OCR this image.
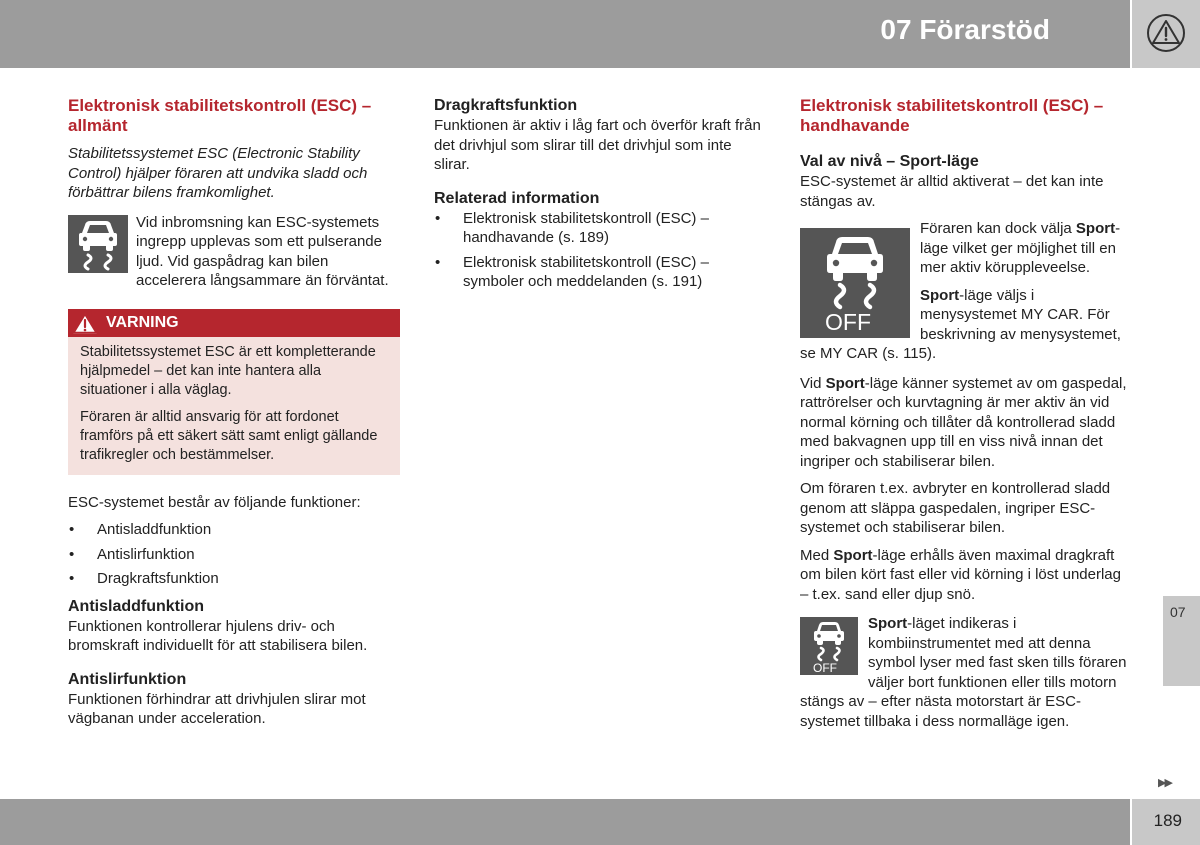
07 Förarstöd
Elektronisk stabilitetskontroll (ESC) – allmänt

Stabilitetssystemet ESC (Electronic Stability Control) hjälper föraren att undvika sladd och förbättrar bilens framkomlighet.

Vid inbromsning kan ESC-systemets ingrepp upplevas som ett pulserande ljud. Vid gaspådrag kan bilen accelerera långsammare än förväntat.

VARNING

Stabilitetssystemet ESC är ett kompletterande hjälpmedel – det kan inte hantera alla situationer i alla väglag.

Föraren är alltid ansvarig för att fordonet framförs på ett säkert sätt samt enligt gällande trafikregler och bestämmelser.

ESC-systemet består av följande funktioner:

• Antisladdfunktion
• Antislirfunktion
• Dragkraftsfunktion
Antisladdfunktion

Funktionen kontrollerar hjulens driv- och bromskraft individuellt för att stabilisera bilen.

Antislirfunktion

Funktionen förhindrar att drivhjulen slirar mot vägbanan under acceleration.

Dragkraftsfunktion

Funktionen är aktiv i låg fart och överför kraft från det drivhjul som slirar till det drivhjul som inte slirar.

Relaterad information
• Elektronisk stabilitetskontroll (ESC) – handhavande (s. 189)
• Elektronisk stabilitetskontroll (ESC) – symboler och meddelanden (s. 191)
Elektronisk stabilitetskontroll (ESC) – handhavande
Val av nivå – Sport-läge

ESC-systemet är alltid aktiverat – det kan inte stängas av.

OFF

Föraren kan dock välja Sport-läge vilket ger möjlighet till en mer aktiv köruppleveelse.

Sport-läge väljs i menysystemet MY CAR. För beskrivning av menysystemet, se MY CAR (s. 115).

Vid Sport-läge känner systemet av om gaspedal, rattrörelser och kurvtagning är mer aktiv än vid normal körning och tillåter då kontrollerad sladd med bakvagnen upp till en viss nivå innan det ingriper och stabiliserar bilen.

Om föraren t.ex. avbryter en kontrollerad sladd genom att släppa gaspedalen, ingriper ESC-systemet och stabiliserar bilen.

Med Sport-läge erhålls även maximal dragkraft om bilen kört fast eller vid körning i löst underlag – t.ex. sand eller djup snö.

OFF

Sport-läget indikeras i kombiinstrumentet med att denna symbol lyser med fast sken tills föraren väljer bort funktionen eller tills motorn stängs av – efter nästa motorstart är ESC-systemet tillbaka i dess normalläge igen.

07
▶▶
189
